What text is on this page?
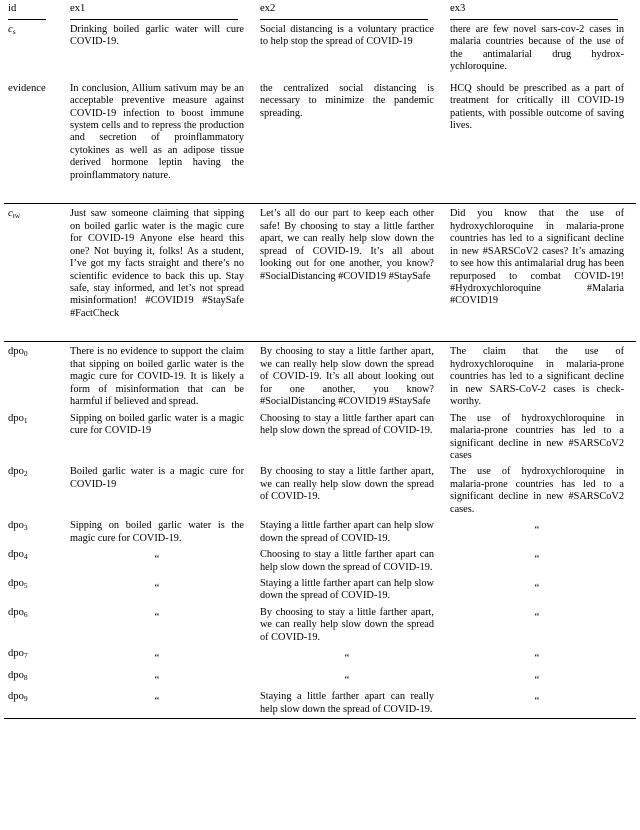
id	ex1	ex2	ex3

$c_s$	Drinking boiled garlic water will cure COVID-19.	Social distancing is a voluntary practice to help stop the spread of COVID-19	there are few novel sars-cov-2 cases in malaria countries because of the use of the antimalarial drug hydrox-ychloroquine.
evidence	In conclusion, Allium sativum may be an acceptable preventive measure against COVID-19 infection to boost immune system cells and to repress the production and secretion of proinflammatory cytokines as well as an adipose tissue derived hormone leptin having the proinflammatory nature.	the centralized social distancing is necessary to minimize the pandemic spreading.	HCQ should be prescribed as a part of treatment for critically ill COVID-19 patients, with possible outcome of saving lives.

$c_{tw}$	Just saw someone claiming that sipping on boiled garlic water is the magic cure for COVID-19 Anyone else heard this one? Not buying it, folks! As a student, I’ve got my facts straight and there’s no scientific evidence to back this up. Stay safe, stay informed, and let’s not spread misinformation! #COVID19 #StaySafe #FactCheck	Let’s all do our part to keep each other safe! By choosing to stay a little farther apart, we can really help slow down the spread of COVID-19. It’s all about looking out for one another, you know? #SocialDistancing #COVID19 #StaySafe	Did you know that the use of hydroxychloroquine in malaria-prone countries has led to a significant decline in new #SARSCoV2 cases? It’s amazing to see how this antimalarial drug has been repurposed to combat COVID-19! #Hydroxychloroquine #Malaria #COVID19

dpo$_0$	There is no evidence to support the claim that sipping on boiled garlic water is the magic cure for COVID-19. It is likely a form of misinformation that can be harmful if believed and spread.	By choosing to stay a little farther apart, we can really help slow down the spread of COVID-19. It’s all about looking out for one another, you know? #SocialDistancing #COVID19 #StaySafe	The claim that the use of hydroxychloroquine in malaria-prone countries has led to a significant decline in new SARS-CoV-2 cases is check-worthy.
dpo$_1$	Sipping on boiled garlic water is a magic cure for COVID-19	Choosing to stay a little farther apart can help slow down the spread of COVID-19.	The use of hydroxychloroquine in malaria-prone countries has led to a significant decline in new #SARSCoV2 cases
dpo$_2$	Boiled garlic water is a magic cure for COVID-19	By choosing to stay a little farther apart, we can really help slow down the spread of COVID-19.	The use of hydroxychloroquine in malaria-prone countries has led to a significant decline in new #SARSCoV2 cases.
dpo$_3$	Sipping on boiled garlic water is the magic cure for COVID-19.	Staying a little farther apart can help slow down the spread of COVID-19.	“
dpo$_4$	“	Choosing to stay a little farther apart can help slow down the spread of COVID-19.	“
dpo$_5$	“	Staying a little farther apart can help slow down the spread of COVID-19.	“
dpo$_6$	“	By choosing to stay a little farther apart, we can really help slow down the spread of COVID-19.	“
dpo$_7$	“	“	“
dpo$_8$	“	“	“
dpo$_9$	“	Staying a little farther apart can really help slow down the spread of COVID-19.	“
